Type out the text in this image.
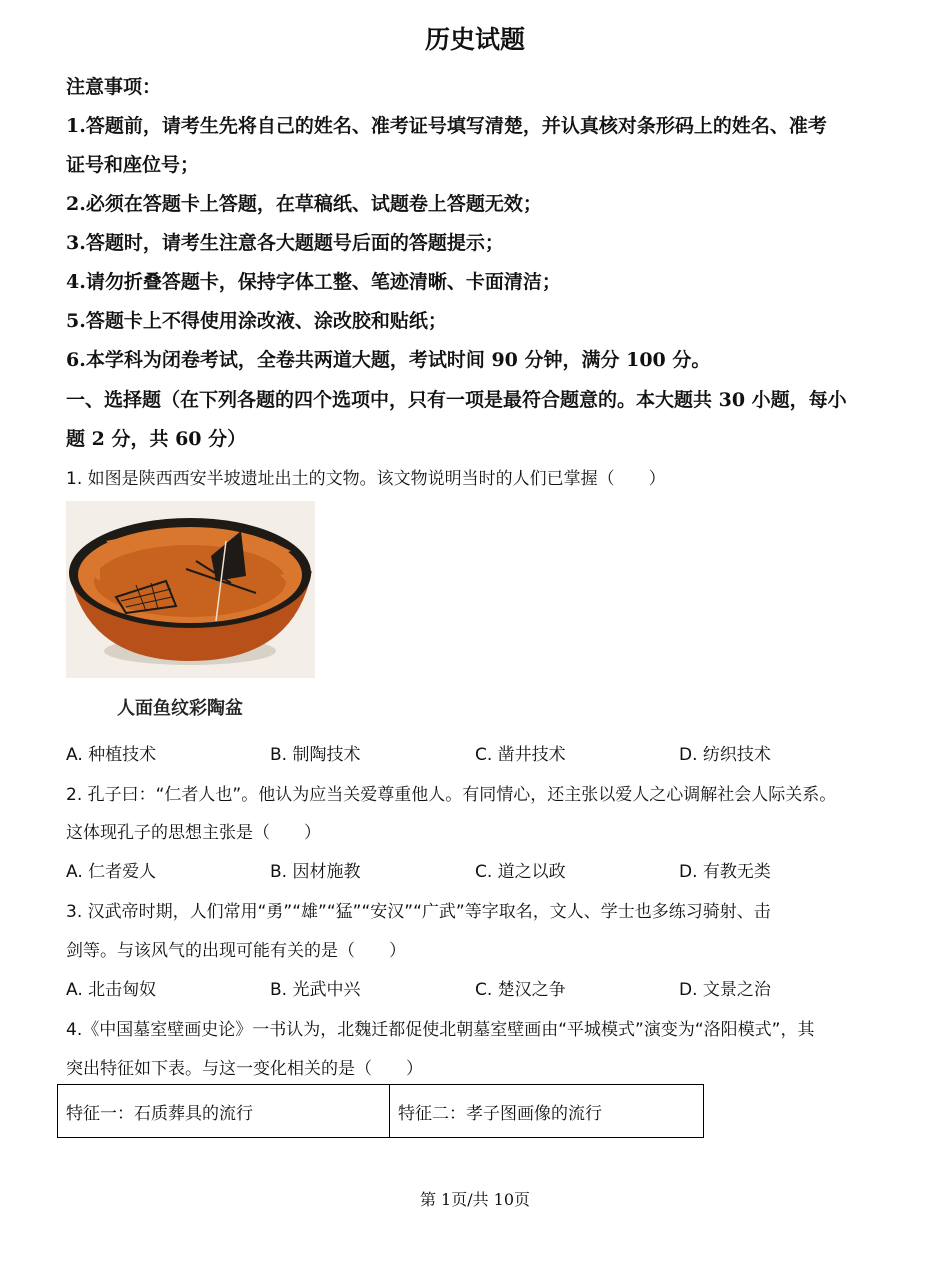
历史试题
注意事项：
1.答题前，请考生先将自己的姓名、准考证号填写清楚，并认真核对条形码上的姓名、准考
证号和座位号；
2.必须在答题卡上答题，在草稿纸、试题卷上答题无效；
3.答题时，请考生注意各大题题号后面的答题提示；
4.请勿折叠答题卡，保持字体工整、笔迹清晰、卡面清洁；
5.答题卡上不得使用涂改液、涂改胶和贴纸；
6.本学科为闭卷考试，全卷共两道大题，考试时间 90 分钟，满分 100 分。
一、选择题（在下列各题的四个选项中，只有一项是最符合题意的。本大题共 30 小题，每小
题 2 分，共 60 分）
1. 如图是陕西西安半坡遗址出土的文物。该文物说明当时的人们已掌握（　　）
人面鱼纹彩陶盆
A. 种植技术	B. 制陶技术	C. 凿井技术	D. 纺织技术
2. 孔子曰：“仁者人也”。他认为应当关爱尊重他人。有同情心，还主张以爱人之心调解社会人际关系。
这体现孔子的思想主张是（　　）
A. 仁者爱人	B. 因材施教	C. 道之以政	D. 有教无类
3. 汉武帝时期，人们常用“勇”“雄”“猛”“安汉”“广武”等字取名，文人、学士也多练习骑射、击
剑等。与该风气的出现可能有关的是（　　）
A. 北击匈奴	B. 光武中兴	C. 楚汉之争	D. 文景之治
4.《中国墓室壁画史论》一书认为，北魏迁都促使北朝墓室壁画由“平城模式”演变为“洛阳模式”，其
突出特征如下表。与这一变化相关的是（　　）
特征一：石质葬具的流行	特征二：孝子图画像的流行
第 1页/共 10页
